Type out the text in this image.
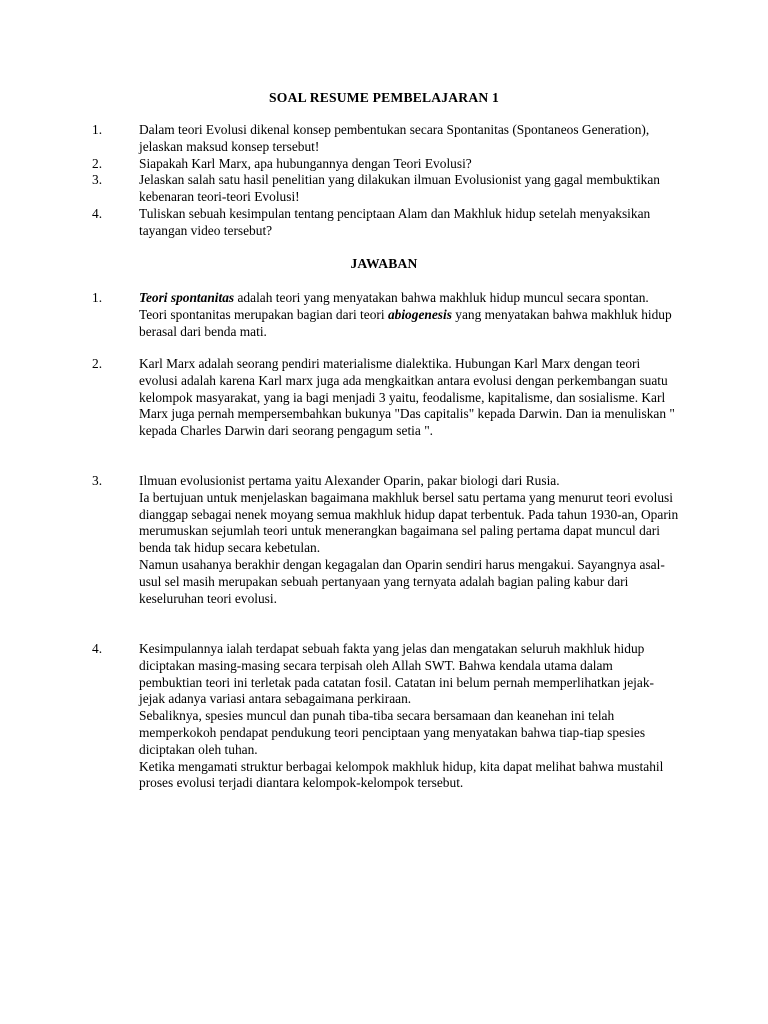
SOAL RESUME PEMBELAJARAN 1
1.	Dalam teori Evolusi dikenal konsep pembentukan secara Spontanitas (Spontaneos Generation), jelaskan maksud konsep tersebut!
2.	Siapakah Karl Marx, apa hubungannya dengan Teori Evolusi?
3.	Jelaskan salah satu hasil penelitian yang dilakukan ilmuan Evolusionist yang gagal membuktikan kebenaran teori-teori Evolusi!
4.	Tuliskan sebuah kesimpulan tentang penciptaan Alam dan Makhluk hidup setelah menyaksikan tayangan video tersebut?
JAWABAN
1.	Teori spontanitas adalah teori yang menyatakan bahwa makhluk hidup muncul secara spontan. Teori spontanitas merupakan bagian dari teori abiogenesis yang menyatakan bahwa makhluk hidup berasal dari benda mati.
2.	Karl Marx adalah seorang pendiri materialisme dialektika. Hubungan Karl Marx dengan teori evolusi adalah karena Karl marx juga ada mengkaitkan antara evolusi dengan perkembangan suatu kelompok masyarakat, yang ia bagi menjadi 3 yaitu, feodalisme, kapitalisme, dan sosialisme. Karl Marx juga pernah mempersembahkan bukunya "Das capitalis" kepada Darwin. Dan ia menuliskan " kepada Charles Darwin dari seorang pengagum setia ".
3.	Ilmuan evolusionist pertama yaitu Alexander Oparin, pakar biologi dari Rusia.
Ia bertujuan untuk menjelaskan bagaimana makhluk bersel satu pertama yang menurut teori evolusi dianggap sebagai nenek moyang semua makhluk hidup dapat terbentuk. Pada tahun 1930-an, Oparin merumuskan sejumlah teori untuk menerangkan bagaimana sel paling pertama dapat muncul dari benda tak hidup secara kebetulan.
Namun usahanya berakhir dengan kegagalan dan Oparin sendiri harus mengakui. Sayangnya asal-usul sel masih merupakan sebuah pertanyaan yang ternyata adalah bagian paling kabur dari keseluruhan teori evolusi.
4.	Kesimpulannya ialah terdapat sebuah fakta yang jelas dan mengatakan seluruh makhluk hidup diciptakan masing-masing secara terpisah oleh Allah SWT. Bahwa kendala utama dalam pembuktian teori ini terletak pada catatan fosil. Catatan ini belum pernah memperlihatkan jejak-jejak adanya variasi antara sebagaimana perkiraan.
Sebaliknya, spesies muncul dan punah tiba-tiba secara bersamaan dan keanehan ini telah memperkokoh pendapat pendukung teori penciptaan yang menyatakan bahwa tiap-tiap spesies diciptakan oleh tuhan.
Ketika mengamati struktur berbagai kelompok makhluk hidup, kita dapat melihat bahwa mustahil proses evolusi terjadi diantara kelompok-kelompok tersebut.
